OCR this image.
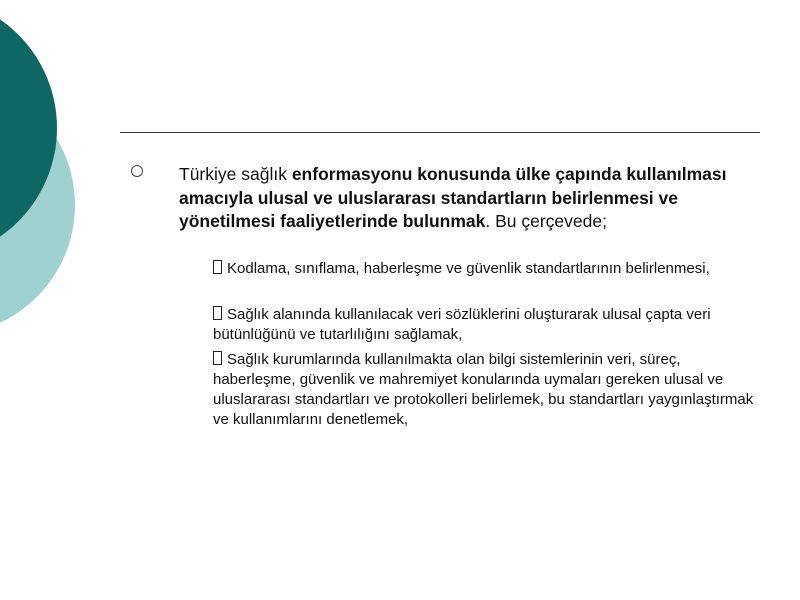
Türkiye sağlık enformasyonu konusunda ülke çapında kullanılması amacıyla ulusal ve uluslararası standartların belirlenmesi ve yönetilmesi faaliyetlerinde bulunmak. Bu çerçevede;

Kodlama, sınıflama, haberleşme ve güvenlik standartlarının belirlenmesi,

Sağlık alanında kullanılacak veri sözlüklerini oluşturarak ulusal çapta veri bütünlüğünü ve tutarlılığını sağlamak,

Sağlık kurumlarında kullanılmakta olan bilgi sistemlerinin veri, süreç, haberleşme, güvenlik ve mahremiyet konularında uymaları gereken ulusal ve uluslararası standartları ve protokolleri belirlemek, bu standartları yaygınlaştırmak ve kullanımlarını denetlemek,
